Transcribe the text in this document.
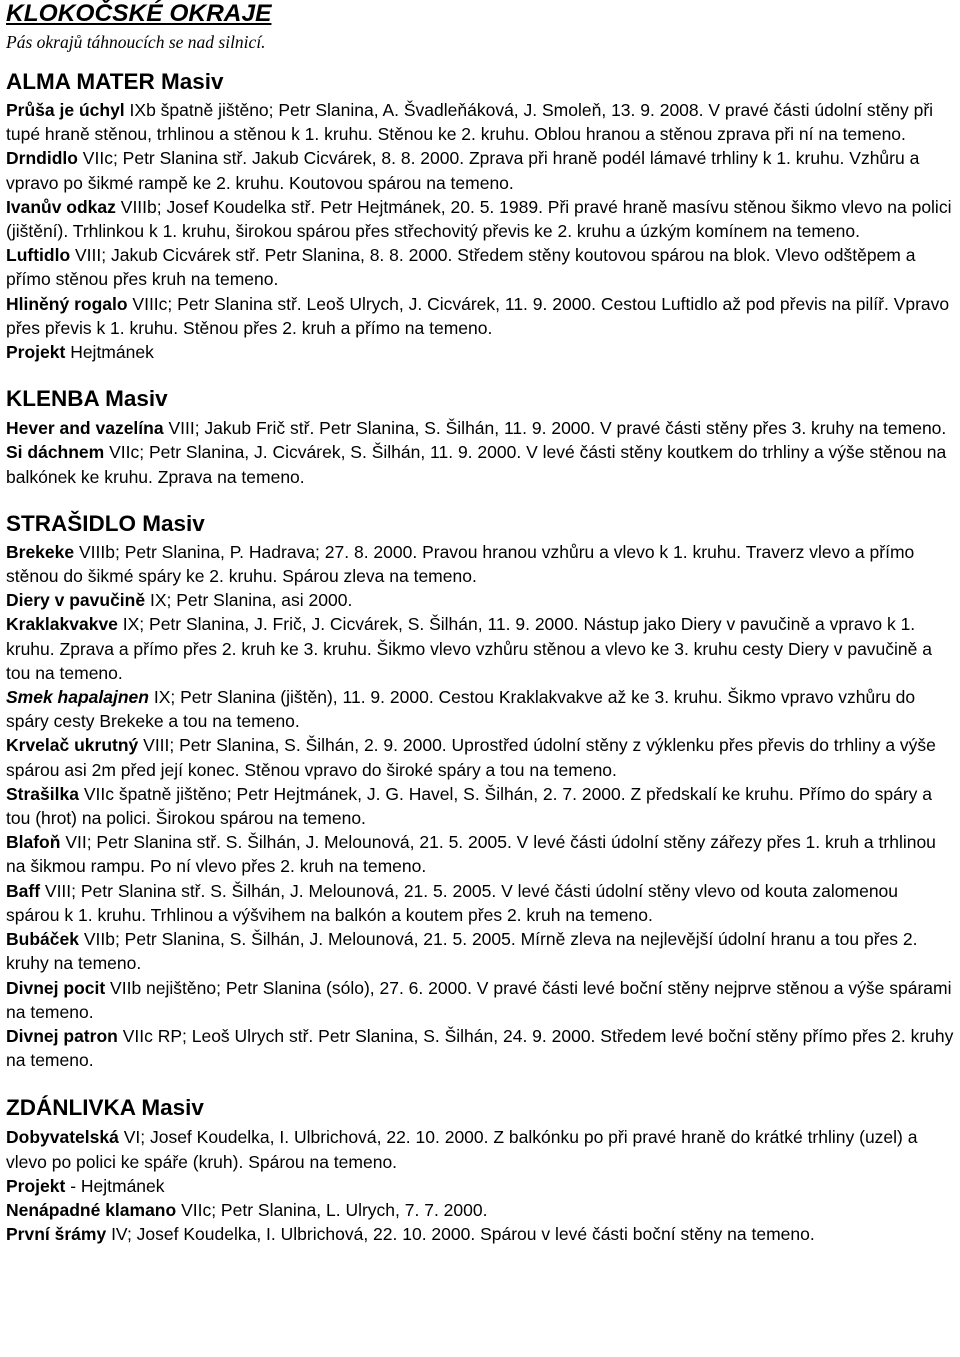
KLOKOČSKÉ OKRAJE

Pás okrajů táhnoucích se nad silnicí.

ALMA MATER Masiv

Průša je úchyl IXb špatně jištěno; Petr Slanina, A. Švadleňáková, J. Smoleň, 13. 9. 2008. V pravé části údolní stěny při tupé hraně stěnou, trhlinou a stěnou k 1. kruhu. Stěnou ke 2. kruhu. Oblou hranou a stěnou zprava při ní na temeno.

Drndidlo VIIc; Petr Slanina stř. Jakub Cicvárek, 8. 8. 2000. Zprava při hraně podél lámavé trhliny k 1. kruhu. Vzhůru a vpravo po šikmé rampě ke 2. kruhu. Koutovou spárou na temeno.

Ivanův odkaz VIIIb; Josef Koudelka stř. Petr Hejtmánek, 20. 5. 1989. Při pravé hraně masívu stěnou šikmo vlevo na polici (jištění). Trhlinkou k 1. kruhu, širokou spárou přes střechovitý převis ke 2. kruhu a úzkým komínem na temeno.

Luftidlo VIII; Jakub Cicvárek stř. Petr Slanina, 8. 8. 2000. Středem stěny koutovou spárou na blok. Vlevo odštěpem a přímo stěnou přes kruh na temeno.

Hliněný rogalo VIIIc; Petr Slanina stř. Leoš Ulrych, J. Cicvárek, 11. 9. 2000. Cestou Luftidlo až pod převis na pilíř. Vpravo přes převis k 1. kruhu. Stěnou přes 2. kruh a přímo na temeno.

Projekt Hejtmánek

KLENBA Masiv

Hever and vazelína VIII; Jakub Frič stř. Petr Slanina, S. Šilhán, 11. 9. 2000. V pravé části stěny přes 3. kruhy na temeno.

Si dáchnem VIIc; Petr Slanina, J. Cicvárek, S. Šilhán, 11. 9. 2000. V levé části stěny koutkem do trhliny a výše stěnou na balkónek ke kruhu. Zprava na temeno.

STRAŠIDLO Masiv

Brekeke VIIIb; Petr Slanina, P. Hadrava; 27. 8. 2000. Pravou hranou vzhůru a vlevo k 1. kruhu. Traverz vlevo a přímo stěnou do šikmé spáry ke 2. kruhu. Spárou zleva na temeno.

Diery v pavučině IX; Petr Slanina, asi 2000.

Kraklakvakve IX; Petr Slanina, J. Frič, J. Cicvárek, S. Šilhán, 11. 9. 2000. Nástup jako Diery v pavučině a vpravo k 1. kruhu. Zprava a přímo přes 2. kruh ke 3. kruhu. Šikmo vlevo vzhůru stěnou a vlevo ke 3. kruhu cesty Diery v pavučině a tou na temeno.

Smek hapalajnen IX; Petr Slanina (jištěn), 11. 9. 2000. Cestou Kraklakvakve až ke 3. kruhu. Šikmo vpravo vzhůru do spáry cesty Brekeke a tou na temeno.

Krvelač ukrutný VIII; Petr Slanina, S. Šilhán, 2. 9. 2000. Uprostřed údolní stěny z výklenku přes převis do trhliny a výše spárou asi 2m před její konec. Stěnou vpravo do široké spáry a tou na temeno.

Strašilka VIIc špatně jištěno; Petr Hejtmánek, J. G. Havel, S. Šilhán, 2. 7. 2000. Z předskalí ke kruhu. Přímo do spáry a tou (hrot) na polici. Širokou spárou na temeno.

Blafoň VII; Petr Slanina stř. S. Šilhán, J. Melounová, 21. 5. 2005. V levé části údolní stěny zářezy přes 1. kruh a trhlinou na šikmou rampu. Po ní vlevo přes 2. kruh na temeno.

Baff VIII; Petr Slanina stř. S. Šilhán, J. Melounová, 21. 5. 2005. V levé části údolní stěny vlevo od kouta zalomenou spárou k 1. kruhu. Trhlinou a výšvihem na balkón a koutem přes 2. kruh na temeno.

Bubáček VIIb; Petr Slanina, S. Šilhán, J. Melounová, 21. 5. 2005. Mírně zleva na nejlevější údolní hranu a tou přes 2. kruhy na temeno.

Divnej pocit VIIb nejištěno; Petr Slanina (sólo), 27. 6. 2000. V pravé části levé boční stěny nejprve stěnou a výše spárami na temeno.

Divnej patron VIIc RP; Leoš Ulrych stř. Petr Slanina, S. Šilhán, 24. 9. 2000. Středem levé boční stěny přímo přes 2. kruhy na temeno.

ZDÁNLIVKA Masiv

Dobyvatelská VI; Josef Koudelka, I. Ulbrichová, 22. 10. 2000. Z balkónku po při pravé hraně do krátké trhliny (uzel) a vlevo po polici ke spáře (kruh). Spárou na temeno.

Projekt - Hejtmánek

Nenápadné klamano VIIc; Petr Slanina, L. Ulrych, 7. 7. 2000.

První šrámy IV; Josef Koudelka, I. Ulbrichová, 22. 10. 2000. Spárou v levé části boční stěny na temeno.
